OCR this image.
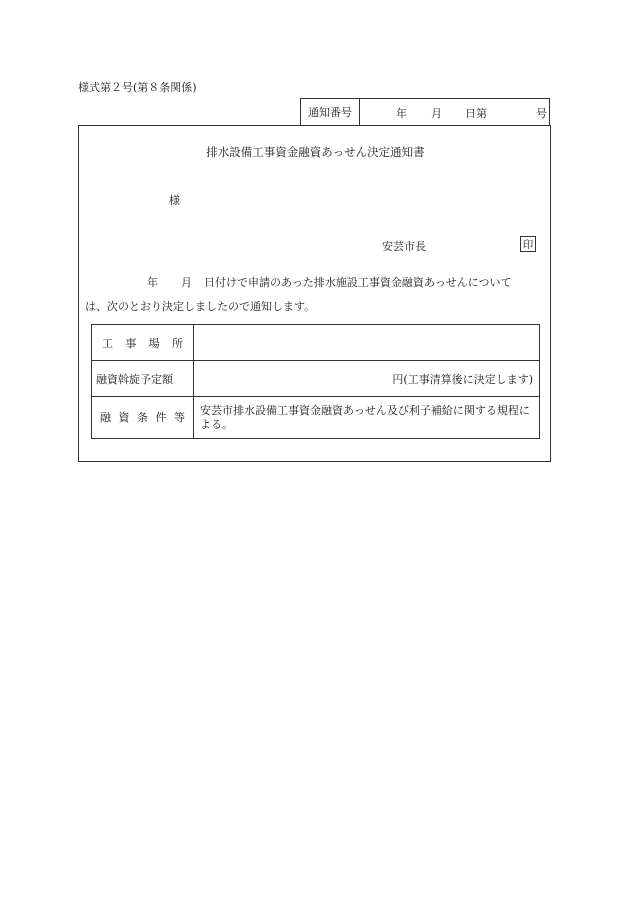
様式第２号(第８条関係)
通知番号	年 月 日第	号
排水設備工事資金融資あっせん決定通知書
様
安芸市長	印
年 月 日付けで申請のあった排水施設工事資金融資あっせんについて
は、次のとおり決定しましたので通知します。
工 事 場 所	

融資斡旋予定額	円(工事清算後に決定します)

融 資 条 件 等	安芸市排水設備工事資金融資あっせん及び利子補給に関する規程による。
